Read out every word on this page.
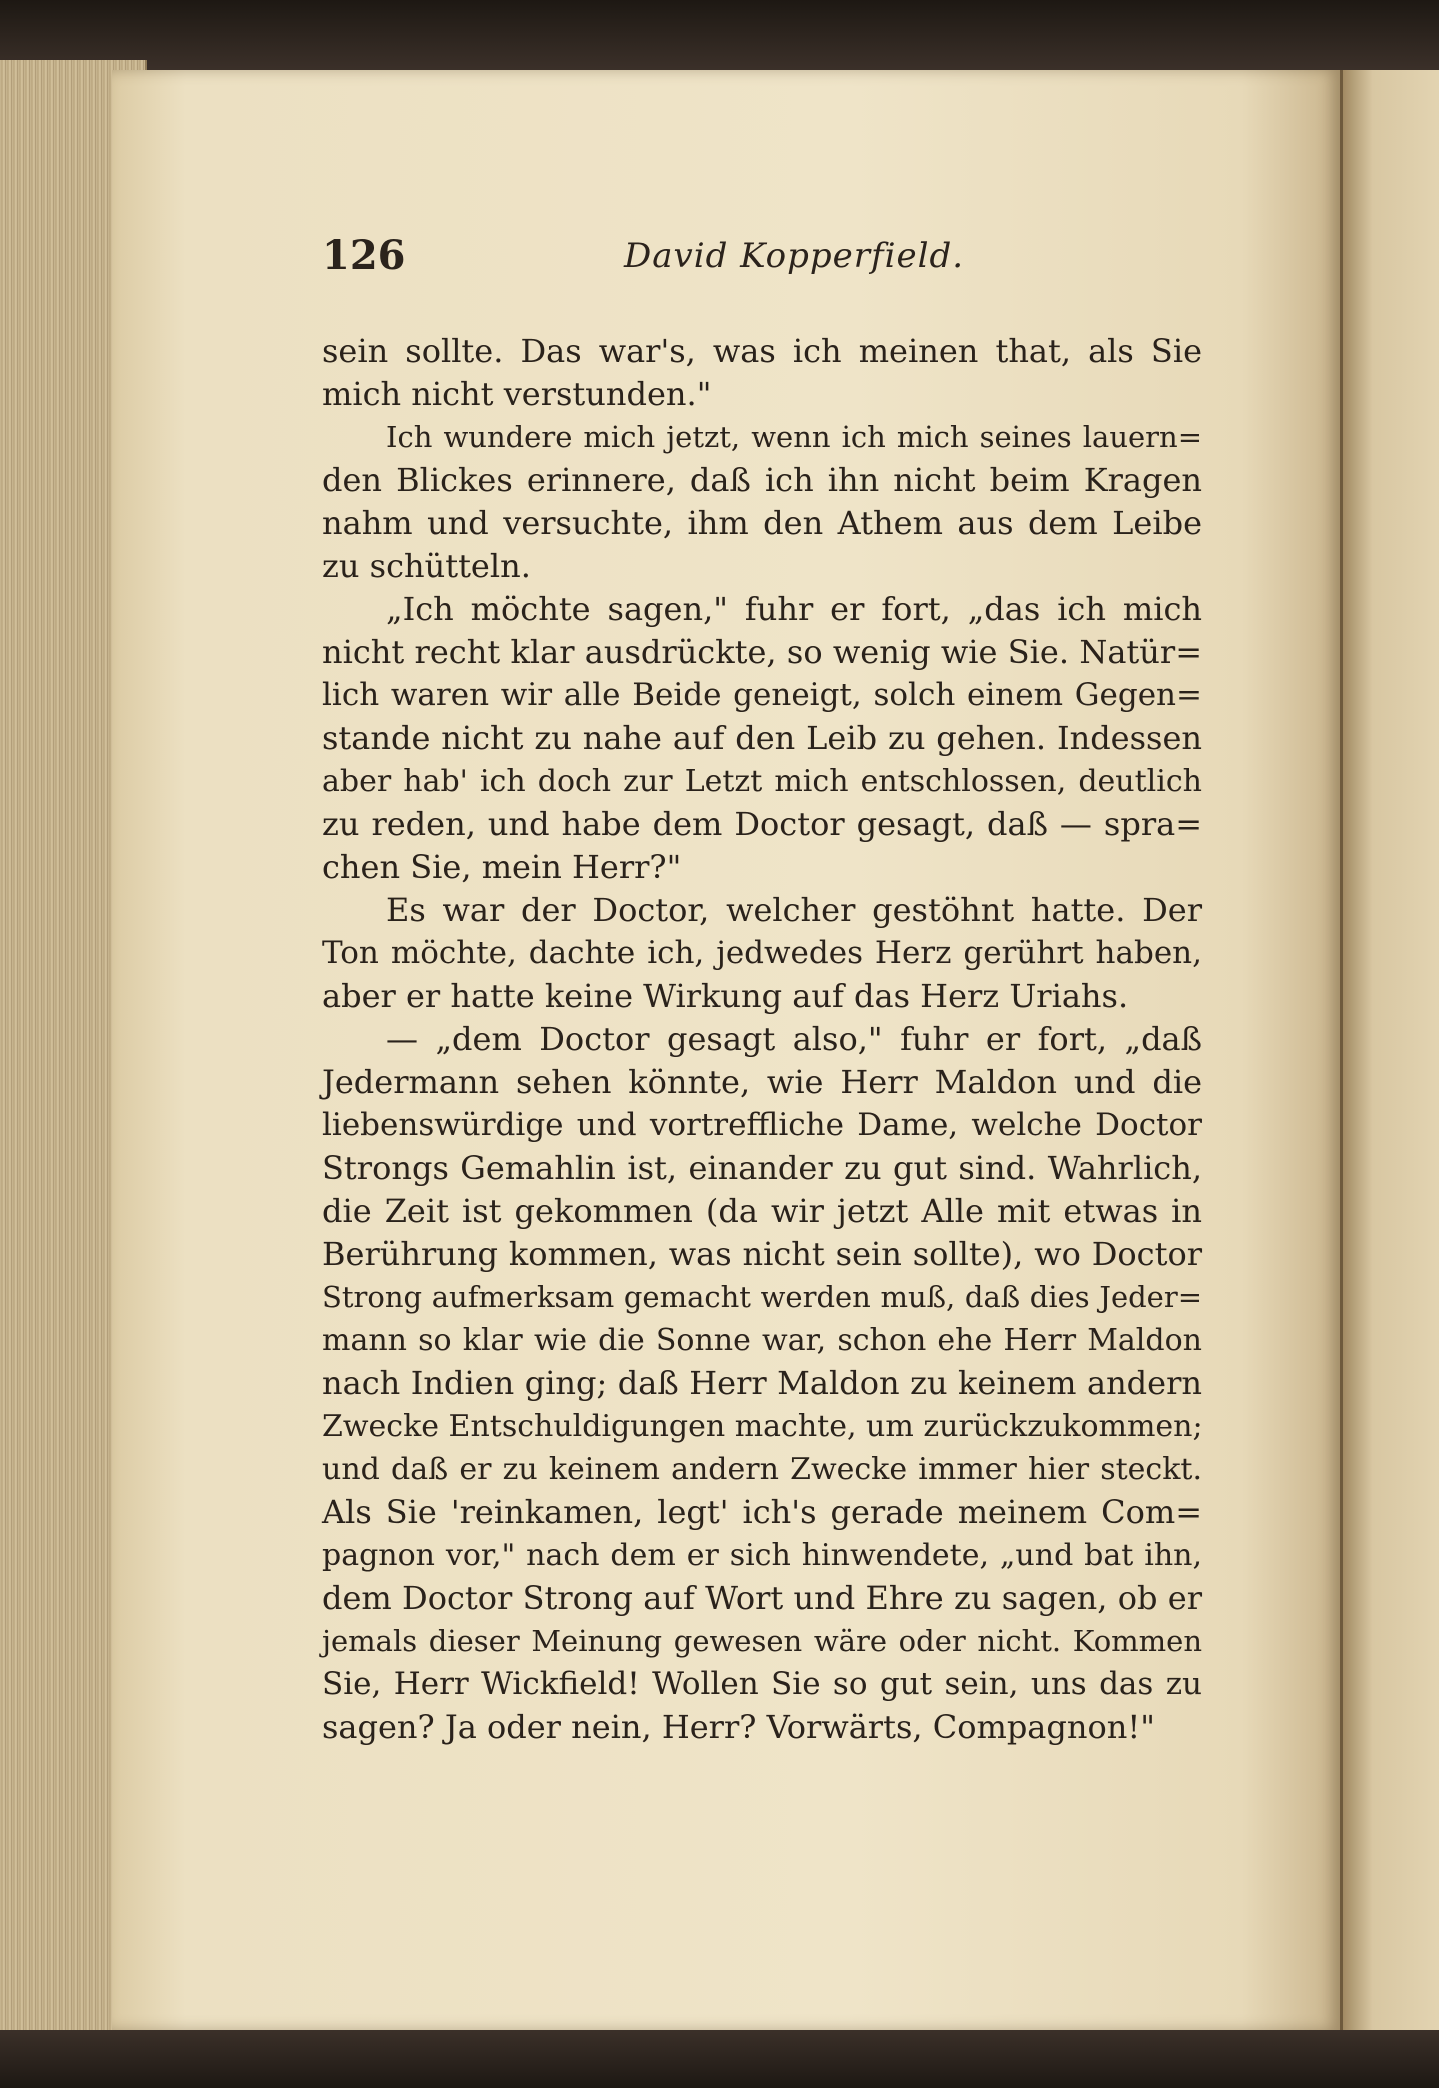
126	David Kopperfield.
sein sollte. Das war's, was ich meinen that, als Sie
mich nicht verstunden."
Ich wundere mich jetzt, wenn ich mich seines lauern=
den Blickes erinnere, daß ich ihn nicht beim Kragen
nahm und versuchte, ihm den Athem aus dem Leibe
zu schütteln.
„Ich möchte sagen," fuhr er fort, „das ich mich
nicht recht klar ausdrückte, so wenig wie Sie. Natür=
lich waren wir alle Beide geneigt, solch einem Gegen=
stande nicht zu nahe auf den Leib zu gehen. Indessen
aber hab' ich doch zur Letzt mich entschlossen, deutlich
zu reden, und habe dem Doctor gesagt, daß — spra=
chen Sie, mein Herr?"
Es war der Doctor, welcher gestöhnt hatte. Der
Ton möchte, dachte ich, jedwedes Herz gerührt haben,
aber er hatte keine Wirkung auf das Herz Uriahs.
— „dem Doctor gesagt also," fuhr er fort, „daß
Jedermann sehen könnte, wie Herr Maldon und die
liebenswürdige und vortreffliche Dame, welche Doctor
Strongs Gemahlin ist, einander zu gut sind. Wahrlich,
die Zeit ist gekommen (da wir jetzt Alle mit etwas in
Berührung kommen, was nicht sein sollte), wo Doctor
Strong aufmerksam gemacht werden muß, daß dies Jeder=
mann so klar wie die Sonne war, schon ehe Herr Maldon
nach Indien ging; daß Herr Maldon zu keinem andern
Zwecke Entschuldigungen machte, um zurückzukommen;
und daß er zu keinem andern Zwecke immer hier steckt.
Als Sie 'reinkamen, legt' ich's gerade meinem Com=
pagnon vor," nach dem er sich hinwendete, „und bat ihn,
dem Doctor Strong auf Wort und Ehre zu sagen, ob er
jemals dieser Meinung gewesen wäre oder nicht. Kommen
Sie, Herr Wickfield! Wollen Sie so gut sein, uns das zu
sagen? Ja oder nein, Herr? Vorwärts, Compagnon!"
